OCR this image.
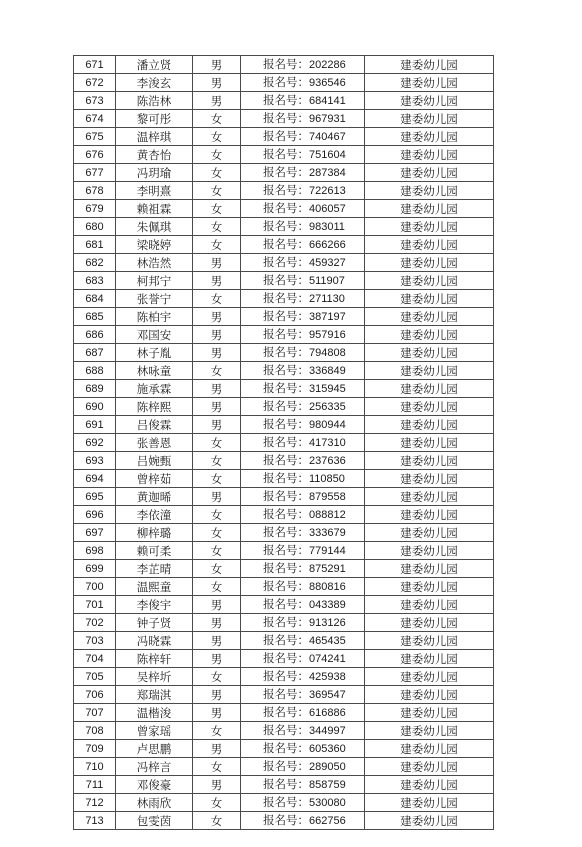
671	潘立贤	男	报名号：202286	建委幼儿园
672	李浚玄	男	报名号：936546	建委幼儿园
673	陈浩林	男	报名号：684141	建委幼儿园
674	黎可彤	女	报名号：967931	建委幼儿园
675	温梓琪	女	报名号：740467	建委幼儿园
676	黄杏怡	女	报名号：751604	建委幼儿园
677	冯玥瑜	女	报名号：287384	建委幼儿园
678	李明熹	女	报名号：722613	建委幼儿园
679	赖祖霖	女	报名号：406057	建委幼儿园
680	朱佩琪	女	报名号：983011	建委幼儿园
681	梁晓婷	女	报名号：666266	建委幼儿园
682	林浩然	男	报名号：459327	建委幼儿园
683	柯邦宁	男	报名号：511907	建委幼儿园
684	张誉宁	女	报名号：271130	建委幼儿园
685	陈柏宇	男	报名号：387197	建委幼儿园
686	邓国安	男	报名号：957916	建委幼儿园
687	林子胤	男	报名号：794808	建委幼儿园
688	林咏童	女	报名号：336849	建委幼儿园
689	施承霖	男	报名号：315945	建委幼儿园
690	陈梓熙	男	报名号：256335	建委幼儿园
691	吕俊霖	男	报名号：980944	建委幼儿园
692	张善恩	女	报名号：417310	建委幼儿园
693	吕婉甄	女	报名号：237636	建委幼儿园
694	曾梓茹	女	报名号：110850	建委幼儿园
695	黄迦晞	男	报名号：879558	建委幼儿园
696	李依潼	女	报名号：088812	建委幼儿园
697	柳梓璐	女	报名号：333679	建委幼儿园
698	赖可柔	女	报名号：779144	建委幼儿园
699	李芷晴	女	报名号：875291	建委幼儿园
700	温熙童	女	报名号：880816	建委幼儿园
701	李俊宇	男	报名号：043389	建委幼儿园
702	钟子贤	男	报名号：913126	建委幼儿园
703	冯晓霖	男	报名号：465435	建委幼儿园
704	陈梓轩	男	报名号：074241	建委幼儿园
705	吴梓圻	女	报名号：425938	建委幼儿园
706	郑瑞淇	男	报名号：369547	建委幼儿园
707	温楷浚	男	报名号：616886	建委幼儿园
708	曾家瑶	女	报名号：344997	建委幼儿园
709	卢思鹏	男	报名号：605360	建委幼儿园
710	冯梓言	女	报名号：289050	建委幼儿园
711	邓俊豪	男	报名号：858759	建委幼儿园
712	林雨欣	女	报名号：530080	建委幼儿园
713	包雯茵	女	报名号：662756	建委幼儿园
